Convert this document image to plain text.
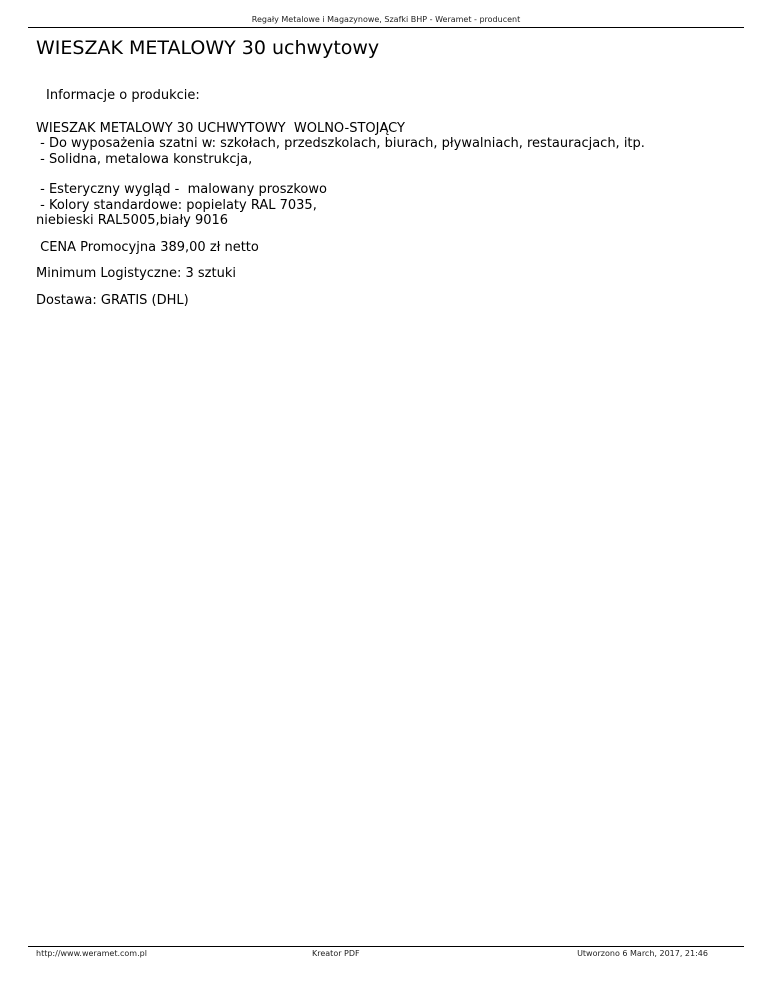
Regały Metalowe i Magazynowe, Szafki BHP - Weramet - producent
WIESZAK METALOWY 30 uchwytowy

Informacje o produkcie:

WIESZAK METALOWY 30 UCHWYTOWY  WOLNO-STOJĄCY

- Do wyposażenia szatni w: szkołach, przedszkolach, biurach, pływalniach, restauracjach, itp.

- Solidna, metalowa konstrukcja,

- Esteryczny wygląd -  malowany proszkowo

- Kolory standardowe: popielaty RAL 7035,

niebieski RAL5005,biały 9016

CENA Promocyjna 389,00 zł netto

Minimum Logistyczne: 3 sztuki

Dostawa: GRATIS (DHL)

http://www.weramet.com.pl	Kreator PDF	Utworzono 6 March, 2017, 21:46
